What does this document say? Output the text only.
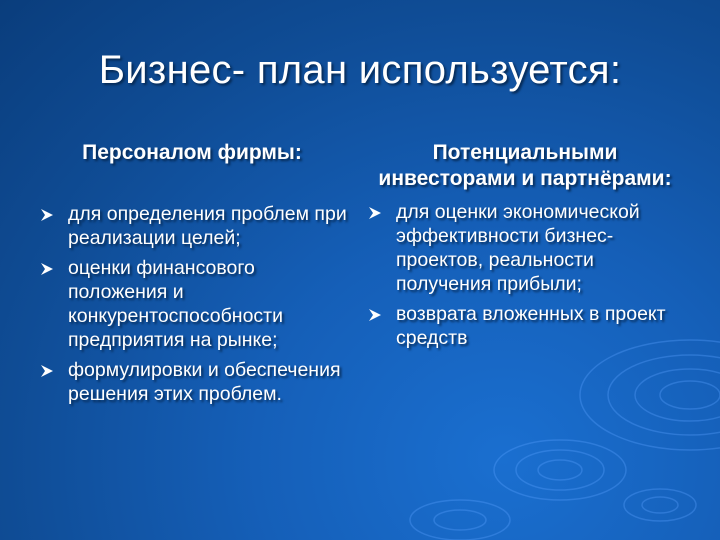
Бизнес- план используется:
Персоналом фирмы:
для определения проблем при реализации целей;
оценки финансового положения и конкурентоспособности предприятия на рынке;
формулировки и обеспечения решения этих проблем.
Потенциальными инвесторами и партнёрами:
для оценки экономической эффективности бизнес-проектов, реальности получения прибыли;
возврата вложенных в проект средств
